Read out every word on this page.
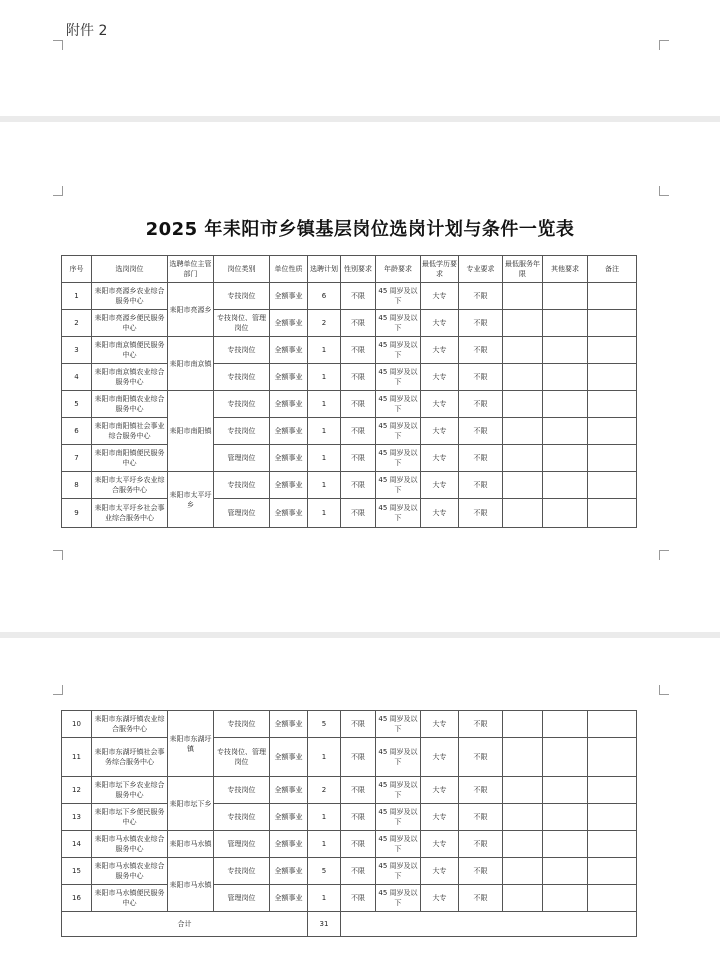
附件 2
2025 年耒阳市乡镇基层岗位选岗计划与条件一览表
序号	选岗岗位	选聘单位主管部门	岗位类别	单位性质	选聘计划	性别要求	年龄要求	最低学历要求	专业要求	最低服务年限	其他要求	备注
1	耒阳市亮源乡农业综合服务中心	耒阳市亮源乡	专技岗位	全额事业	6	不限	45 周岁及以下	大专	不限			
2	耒阳市亮源乡便民服务中心		专技岗位、管理岗位	全额事业	2	不限	45 周岁及以下	大专	不限			
3	耒阳市南京镇便民服务中心	耒阳市南京镇	专技岗位	全额事业	1	不限	45 周岁及以下	大专	不限			
4	耒阳市南京镇农业综合服务中心		专技岗位	全额事业	1	不限	45 周岁及以下	大专	不限			
5	耒阳市南阳镇农业综合服务中心	耒阳市南阳镇	专技岗位	全额事业	1	不限	45 周岁及以下	大专	不限			
6	耒阳市南阳镇社会事业综合服务中心		专技岗位	全额事业	1	不限	45 周岁及以下	大专	不限			
7	耒阳市南阳镇便民服务中心		管理岗位	全额事业	1	不限	45 周岁及以下	大专	不限			
8	耒阳市太平圩乡农业综合服务中心	耒阳市太平圩乡	专技岗位	全额事业	1	不限	45 周岁及以下	大专	不限			
9	耒阳市太平圩乡社会事业综合服务中心		管理岗位	全额事业	1	不限	45 周岁及以下	大专	不限			
10	耒阳市东湖圩镇农业综合服务中心	耒阳市东湖圩镇	专技岗位	全额事业	5	不限	45 周岁及以下	大专	不限			
11	耒阳市东湖圩镇社会事务综合服务中心		专技岗位、管理岗位	全额事业	1	不限	45 周岁及以下	大专	不限			
12	耒阳市坛下乡农业综合服务中心	耒阳市坛下乡	专技岗位	全额事业	2	不限	45 周岁及以下	大专	不限			
13	耒阳市坛下乡便民服务中心		专技岗位	全额事业	1	不限	45 周岁及以下	大专	不限			
14	耒阳市马水镇农业综合服务中心	耒阳市马水镇	管理岗位	全额事业	1	不限	45 周岁及以下	大专	不限			
15	耒阳市马水镇农业综合服务中心	耒阳市马水镇	专技岗位	全额事业	5	不限	45 周岁及以下	大专	不限			
16	耒阳市马水镇便民服务中心		管理岗位	全额事业	1	不限	45 周岁及以下	大专	不限			
合计					31							
